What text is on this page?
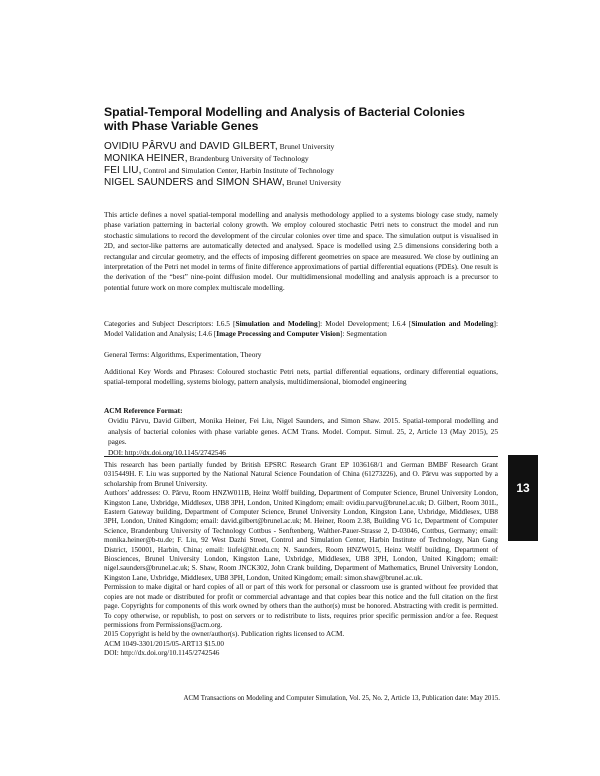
Spatial-Temporal Modelling and Analysis of Bacterial Colonies
with Phase Variable Genes
OVIDIU PÂRVU and DAVID GILBERT, Brunel University
MONIKA HEINER, Brandenburg University of Technology
FEI LIU, Control and Simulation Center, Harbin Institute of Technology
NIGEL SAUNDERS and SIMON SHAW, Brunel University

This article defines a novel spatial-temporal modelling and analysis methodology applied to a systems biology case study, namely phase variation patterning in bacterial colony growth. We employ coloured stochastic Petri nets to construct the model and run stochastic simulations to record the development of the circular colonies over time and space. The simulation output is visualised in 2D, and sector-like patterns are automatically detected and analysed. Space is modelled using 2.5 dimensions considering both a rectangular and circular geometry, and the effects of imposing different geometries on space are measured. We close by outlining an interpretation of the Petri net model in terms of finite difference approximations of partial differential equations (PDEs). One result is the derivation of the “best” nine-point diffusion model. Our multidimensional modelling and analysis approach is a precursor to potential future work on more complex multiscale modelling.

Categories and Subject Descriptors: I.6.5 [Simulation and Modeling]: Model Development; I.6.4 [Simulation and Modeling]: Model Validation and Analysis; I.4.6 [Image Processing and Computer Vision]: Segmentation

General Terms: Algorithms, Experimentation, Theory

Additional Key Words and Phrases: Coloured stochastic Petri nets, partial differential equations, ordinary differential equations, spatial-temporal modelling, systems biology, pattern analysis, multidimensional, biomodel engineering

ACM Reference Format:

Ovidiu Pârvu, David Gilbert, Monika Heiner, Fei Liu, Nigel Saunders, and Simon Shaw. 2015. Spatial-temporal modelling and analysis of bacterial colonies with phase variable genes. ACM Trans. Model. Comput. Simul. 25, 2, Article 13 (May 2015), 25 pages.

DOI: http://dx.doi.org/10.1145/2742546

This research has been partially funded by British EPSRC Research Grant EP 1036168/1 and German BMBF Research Grant 0315449H. F. Liu was supported by the National Natural Science Foundation of China (61273226), and O. Pârvu was supported by a scholarship from Brunel University.

Authors’ addresses: O. Pârvu, Room HNZW011B, Heinz Wolff building, Department of Computer Science, Brunel University London, Kingston Lane, Uxbridge, Middlesex, UB8 3PH, London, United Kingdom; email: ovidiu.parvu@brunel.ac.uk; D. Gilbert, Room 301L, Eastern Gateway building, Department of Computer Science, Brunel University London, Kingston Lane, Uxbridge, Middlesex, UB8 3PH, London, United Kingdom; email: david.gilbert@brunel.ac.uk; M. Heiner, Room 2.38, Building VG 1c, Department of Computer Science, Brandenburg University of Technology Cottbus - Senftenberg, Walther-Pauer-Strasse 2, D-03046, Cottbus, Germany; email: monika.heiner@b-tu.de; F. Liu, 92 West Dazhi Street, Control and Simulation Center, Harbin Institute of Technology, Nan Gang District, 150001, Harbin, China; email: liufei@hit.edu.cn; N. Saunders, Room HNZW015, Heinz Wolff building, Department of Biosciences, Brunel University London, Kingston Lane, Uxbridge, Middlesex, UB8 3PH, London, United Kingdom; email: nigel.saunders@brunel.ac.uk; S. Shaw, Room JNCK302, John Crank building, Department of Mathematics, Brunel University London, Kingston Lane, Uxbridge, Middlesex, UB8 3PH, London, United Kingdom; email: simon.shaw@brunel.ac.uk.

Permission to make digital or hard copies of all or part of this work for personal or classroom use is granted without fee provided that copies are not made or distributed for profit or commercial advantage and that copies bear this notice and the full citation on the first page. Copyrights for components of this work owned by others than the author(s) must be honored. Abstracting with credit is permitted. To copy otherwise, or republish, to post on servers or to redistribute to lists, requires prior specific permission and/or a fee. Request permissions from Permissions@acm.org.

2015 Copyright is held by the owner/author(s). Publication rights licensed to ACM.

ACM 1049-3301/2015/05-ART13 $15.00

DOI: http://dx.doi.org/10.1145/2742546

13
ACM Transactions on Modeling and Computer Simulation, Vol. 25, No. 2, Article 13, Publication date: May 2015.
